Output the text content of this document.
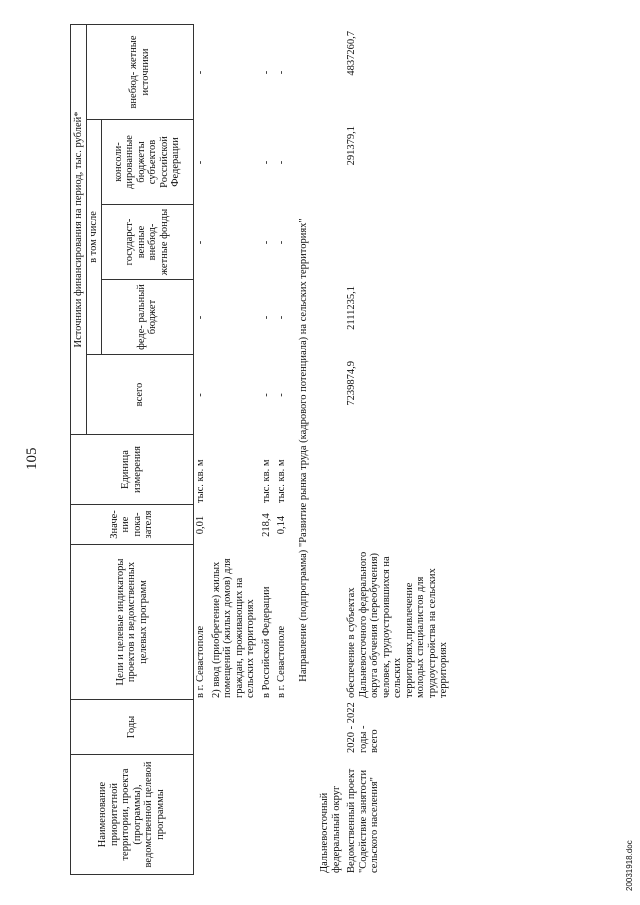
105
Наименование приоритетной территории, проекта (программы), ведомственной целевой программы	Годы	Цели и целевые индикаторы проектов и ведомственных целевых программ	Значе- ние пока- зателя	Единица измерения	Источники финансирования на период, тыс. рублей*				
					всего	в том числе			внебюд- жетные источники
						феде- ральный бюджет	государст- венные внебюд- жетные фонды	консоли- дированные бюджеты субъектов Российской Федерации	
		в г. Севастополе	0,01	тыс. кв. м	-	-	-	-	-
		2) ввод (приобретение) жилых помещений (жилых домов) для граждан, проживающих на сельских территориях							
		в Российской Федерации	218,4	тыс. кв. м	-	-	-	-	-
		в г. Севастополе	0,14	тыс. кв. м	-	-	-	-	-
Направление (подпрограмма) "Развитие рынка труда (кадрового потенциала) на сельских территориях"									
Дальневосточный федеральный округ									
Ведомственный проект "Содействие занятости сельского населения"	2020 - 2022 годы - всего	обеспечение в субъектах Дальневосточного федерального округа обучения (переобучения) человек, трудоустроившихся на сельских территориях,привлечение молодых специалистов для трудоустройства на сельских территориях			7239874,9	2111235,1		291379,1	4837260,7
20031918.doc
